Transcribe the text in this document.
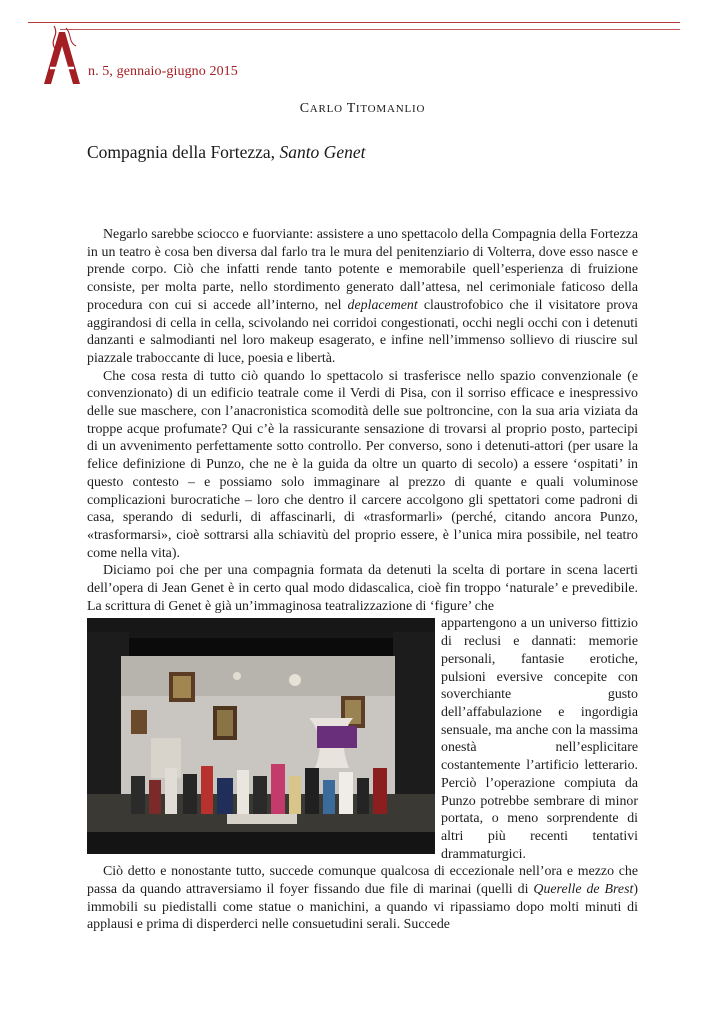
n. 5, gennaio-giugno 2015

CARLO TITOMANLIO

Compagnia della Fortezza, Santo Genet

Negarlo sarebbe sciocco e fuorviante: assistere a uno spettacolo della Compagnia della Fortezza in un teatro è cosa ben diversa dal farlo tra le mura del penitenziario di Volterra, dove esso nasce e prende corpo. Ciò che infatti rende tanto potente e memorabile quell’esperienza di fruizione consiste, per molta parte, nello stordimento generato dall’attesa, nel cerimoniale faticoso della procedura con cui si accede all’interno, nel deplacement claustrofobico che il visitatore prova aggirandosi di cella in cella, scivolando nei corridoi congestionati, occhi negli occhi con i detenuti danzanti e salmodianti nel loro makeup esagerato, e infine nell’immenso sollievo di riuscire sul piazzale traboccante di luce, poesia e libertà.

Che cosa resta di tutto ciò quando lo spettacolo si trasferisce nello spazio convenzionale (e convenzionato) di un edificio teatrale come il Verdi di Pisa, con il sorriso efficace e inespressivo delle sue maschere, con l’anacronistica scomodità delle sue poltroncine, con la sua aria viziata da troppe acque profumate? Qui c’è la rassicurante sensazione di trovarsi al proprio posto, partecipi di un avvenimento perfettamente sotto controllo. Per converso, sono i detenuti-attori (per usare la felice definizione di Punzo, che ne è la guida da oltre un quarto di secolo) a essere ‘ospitati’ in questo contesto – e possiamo solo immaginare al prezzo di quante e quali voluminose complicazioni burocratiche – loro che dentro il carcere accolgono gli spettatori come padroni di casa, sperando di sedurli, di affascinarli, di «trasformarli» (perché, citando ancora Punzo, «trasformarsi», cioè sottrarsi alla schiavitù del proprio essere, è l’unica mira possibile, nel teatro come nella vita).

Diciamo poi che per una compagnia formata da detenuti la scelta di portare in scena lacerti dell’opera di Jean Genet è in certo qual modo didascalica, cioè fin troppo ‘naturale’ e prevedibile. La scrittura di Genet è già un’immaginosa teatralizzazione di ‘figure’ che

appartengono a un universo fittizio di reclusi e dannati: memorie personali, fantasie erotiche, pulsioni eversive concepite con soverchiante gusto dell’affabulazione e ingordigia sensuale, ma anche con la massima onestà nell’esplicitare costantemente l’artificio letterario. Perciò l’operazione compiuta da Punzo potrebbe sembrare di minor portata, o meno sorprendente di altri più recenti tentativi drammaturgici.

Ciò detto e nonostante tutto, succede comunque qualcosa di eccezionale nell’ora e mezzo che passa da quando attraversiamo il foyer fissando due file di marinai (quelli di Querelle de Brest) immobili su piedistalli come statue o manichini, a quando vi ripassiamo dopo molti minuti di applausi e prima di disperderci nelle consuetudini serali. Succede
